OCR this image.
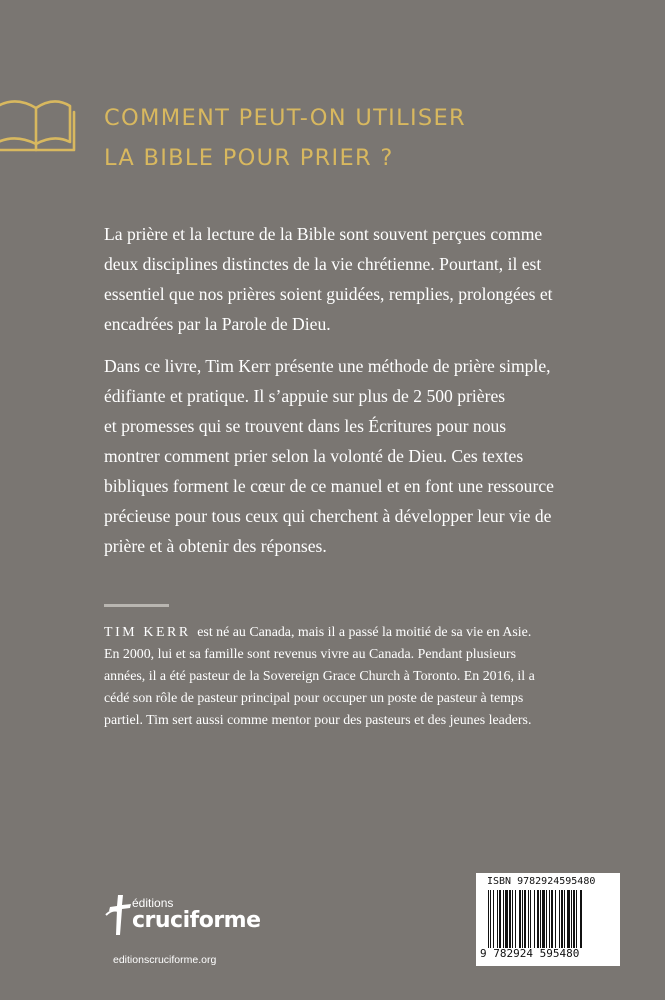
COMMENT PEUT-ON UTILISER
LA BIBLE POUR PRIER ?

La prière et la lecture de la Bible sont souvent perçues comme
deux disciplines distinctes de la vie chrétienne. Pourtant, il est
essentiel que nos prières soient guidées, remplies, prolongées et
encadrées par la Parole de Dieu.

Dans ce livre, Tim Kerr présente une méthode de prière simple,
édifiante et pratique. Il s’appuie sur plus de 2 500 prières
et promesses qui se trouvent dans les Écritures pour nous
montrer comment prier selon la volonté de Dieu. Ces textes
bibliques forment le cœur de ce manuel et en font une ressource
précieuse pour tous ceux qui cherchent à développer leur vie de
prière et à obtenir des réponses.

TIM KERR est né au Canada, mais il a passé la moitié de sa vie en Asie.
En 2000, lui et sa famille sont revenus vivre au Canada. Pendant plusieurs
années, il a été pasteur de la Sovereign Grace Church à Toronto. En 2016, il a
cédé son rôle de pasteur principal pour occuper un poste de pasteur à temps
partiel. Tim sert aussi comme mentor pour des pasteurs et des jeunes leaders.

éditions
cruciforme
editionscruciforme.org
ISBN 9782924595480
9 782924 595480
